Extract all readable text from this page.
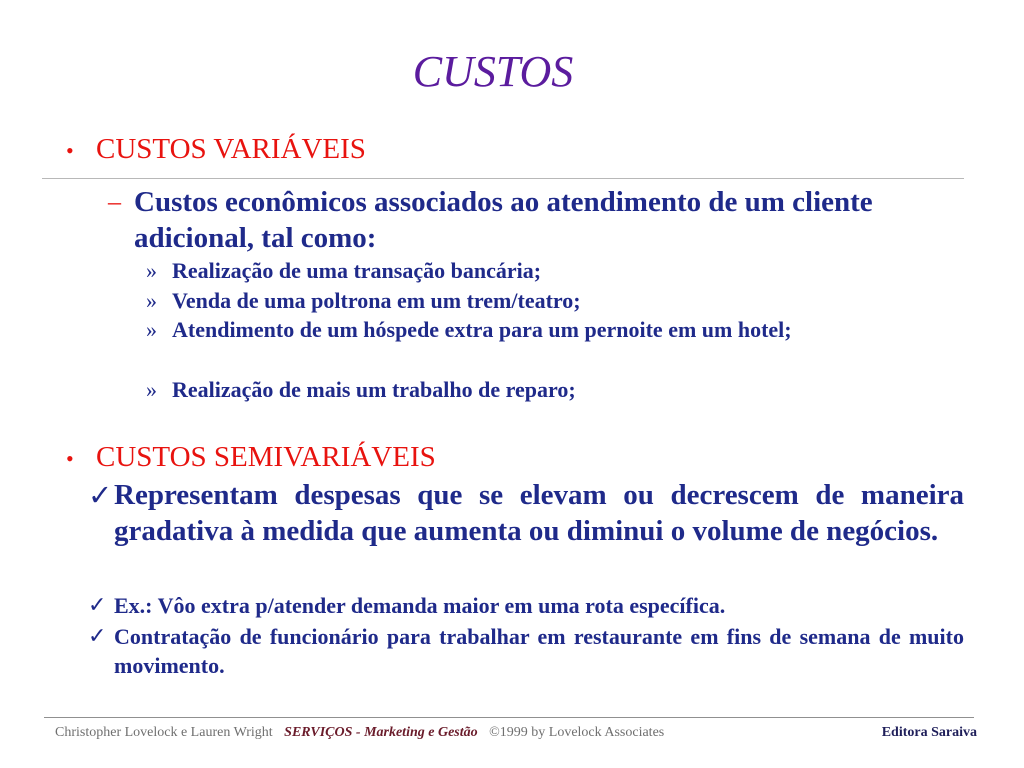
CUSTOS
• CUSTOS VARIÁVEIS
– Custos econômicos associados ao atendimento de um cliente adicional, tal como:
» Realização de uma transação bancária;
» Venda de uma poltrona em um trem/teatro;
» Atendimento de um hóspede extra para um pernoite em um hotel;
» Realização de mais um trabalho de reparo;
• CUSTOS SEMIVARIÁVEIS
✓ Representam despesas que se elevam ou decrescem de maneira gradativa à medida que aumenta ou diminui o volume de negócios.
✓ Ex.: Vôo extra p/atender demanda maior em uma rota específica.
✓ Contratação de funcionário para trabalhar em restaurante em fins de semana de muito movimento.
Christopher Lovelock e Lauren Wright SERVIÇOS - Marketing e Gestão ©1999 by Lovelock Associates	Editora Saraiva
